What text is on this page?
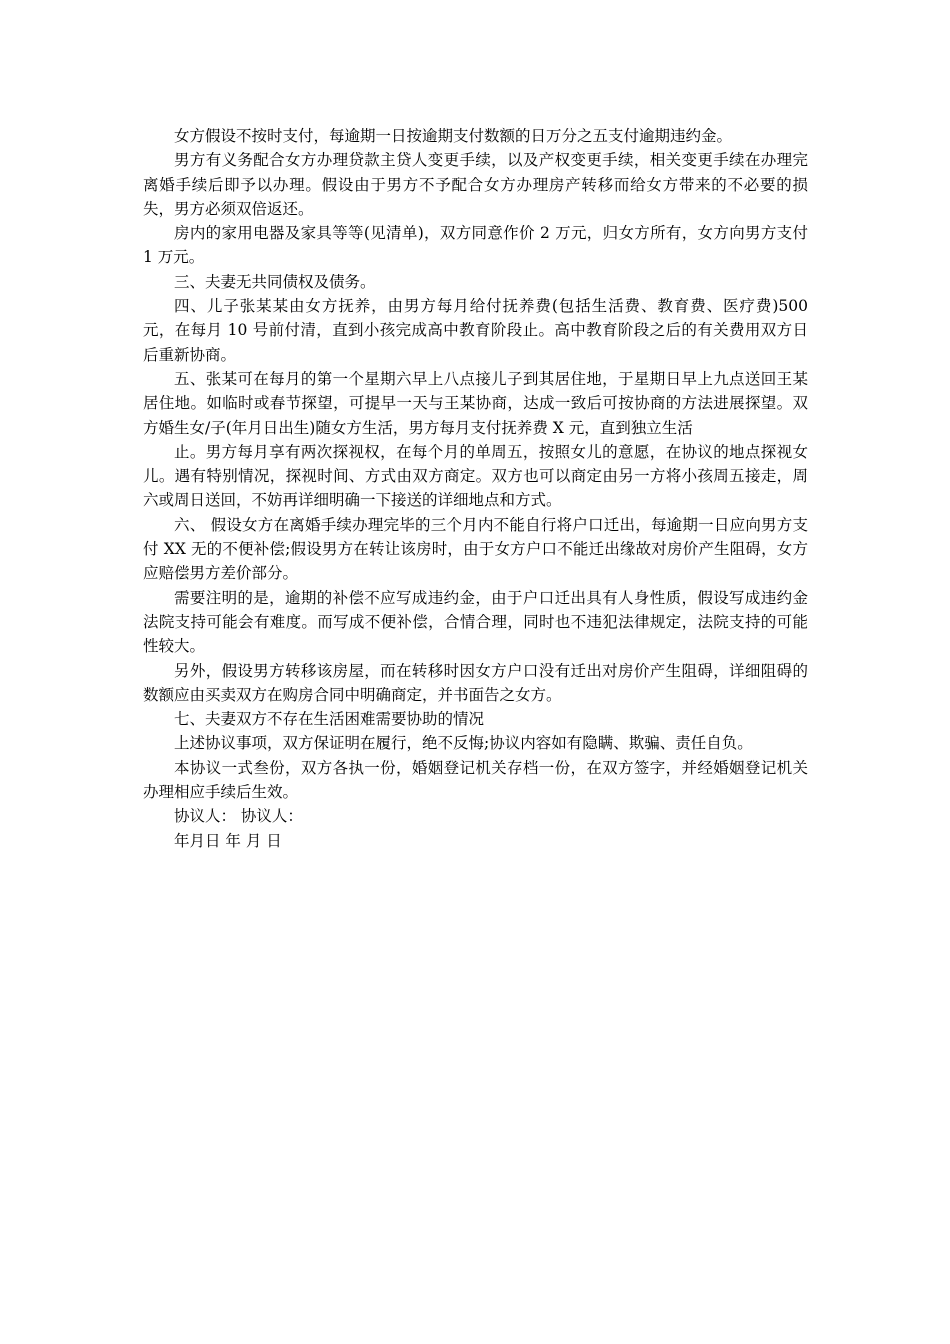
女方假设不按时支付，每逾期一日按逾期支付数额的日万分之五支付逾期违约金。

男方有义务配合女方办理贷款主贷人变更手续，以及产权变更手续，相关变更手续在办理完离婚手续后即予以办理。假设由于男方不予配合女方办理房产转移而给女方带来的不必要的损失，男方必须双倍返还。

房内的家用电器及家具等等(见清单)，双方同意作价 2 万元，归女方所有，女方向男方支付 1 万元。

三、夫妻无共同债权及债务。

四、儿子张某某由女方抚养，由男方每月给付抚养费(包括生活费、教育费、医疗费)500 元，在每月 10 号前付清，直到小孩完成高中教育阶段止。高中教育阶段之后的有关费用双方日后重新协商。

五、张某可在每月的第一个星期六早上八点接儿子到其居住地，于星期日早上九点送回王某居住地。如临时或春节探望，可提早一天与王某协商，达成一致后可按协商的方法进展探望。双方婚生女/子(年月日出生)随女方生活，男方每月支付抚养费 X 元，直到独立生活

止。男方每月享有两次探视权，在每个月的单周五，按照女儿的意愿，在协议的地点探视女儿。遇有特别情况，探视时间、方式由双方商定。双方也可以商定由另一方将小孩周五接走，周六或周日送回，不妨再详细明确一下接送的详细地点和方式。

六、 假设女方在离婚手续办理完毕的三个月内不能自行将户口迁出，每逾期一日应向男方支付 XX 无的不便补偿;假设男方在转让该房时，由于女方户口不能迁出缘故对房价产生阻碍，女方应赔偿男方差价部分。

需要注明的是，逾期的补偿不应写成违约金，由于户口迁出具有人身性质，假设写成违约金法院支持可能会有难度。而写成不便补偿，合情合理，同时也不违犯法律规定，法院支持的可能性较大。

另外，假设男方转移该房屋，而在转移时因女方户口没有迁出对房价产生阻碍，详细阻碍的数额应由买卖双方在购房合同中明确商定，并书面告之女方。

七、夫妻双方不存在生活困难需要协助的情况

上述协议事项，双方保证明在履行，绝不反悔;协议内容如有隐瞒、欺骗、责任自负。

本协议一式叁份，双方各执一份，婚姻登记机关存档一份，在双方签字，并经婚姻登记机关办理相应手续后生效。

协议人： 协议人：

年月日 年 月 日
